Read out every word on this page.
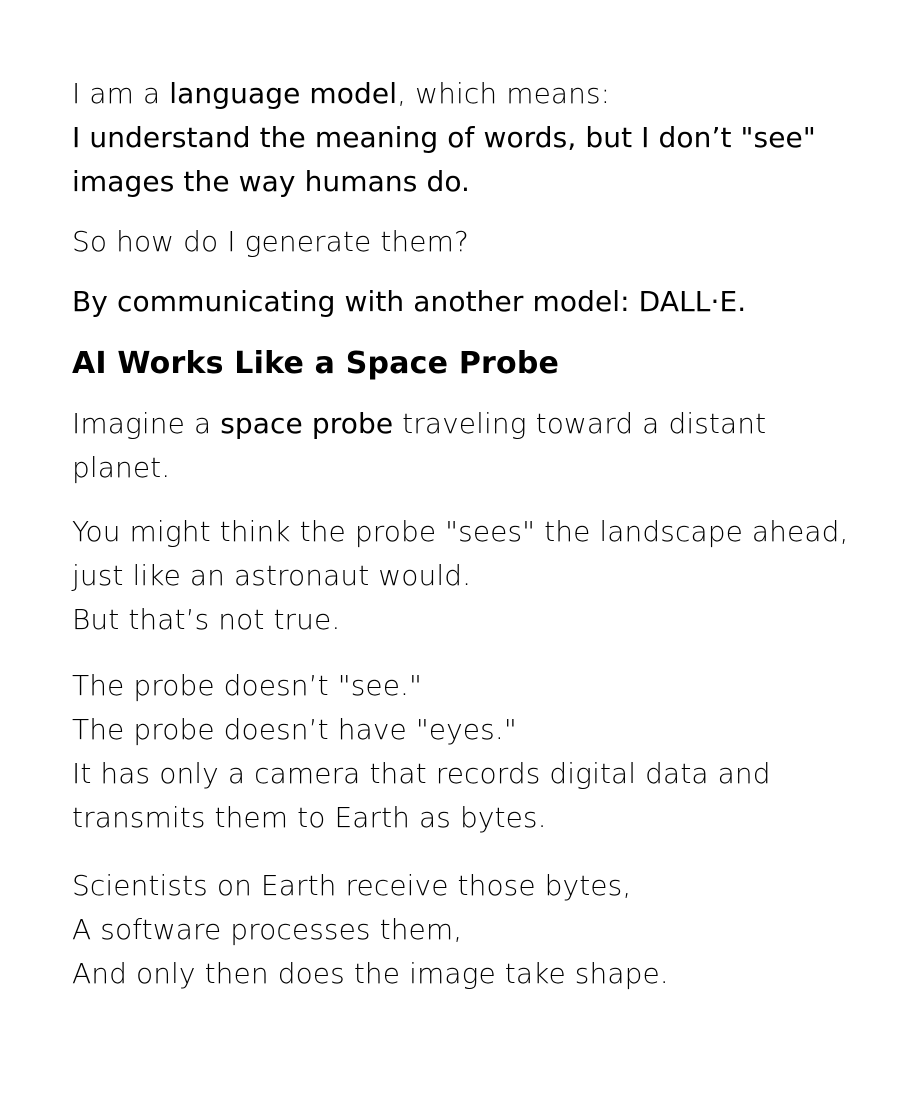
I am a language model, which means:
I understand the meaning of words, but I don’t "see"
images the way humans do.

So how do I generate them?

By communicating with another model: DALL·E.

AI Works Like a Space Probe

Imagine a space probe traveling toward a distant
planet.

You might think the probe "sees" the landscape ahead,
just like an astronaut would.
But that’s not true.

The probe doesn’t "see."
The probe doesn’t have "eyes."
It has only a camera that records digital data and
transmits them to Earth as bytes.

Scientists on Earth receive those bytes,
A software processes them,
And only then does the image take shape.
